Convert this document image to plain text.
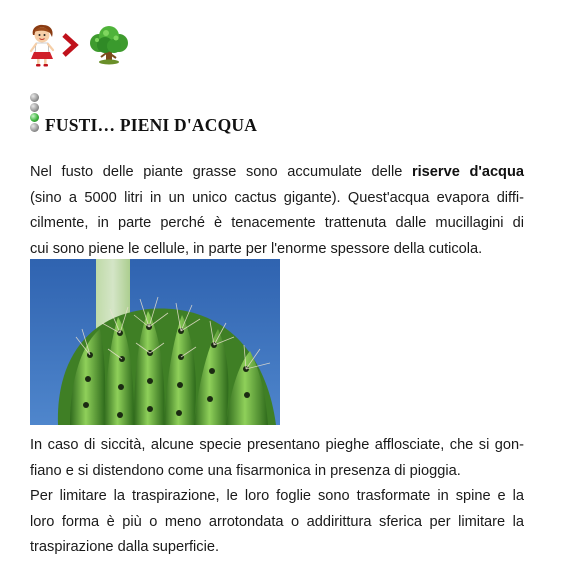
FUSTI… PIENI D'ACQUA
Nel fusto delle piante grasse sono accumulate delle riserve d'acqua
(sino a 5000 litri in un unico cactus gigante). Quest'acqua evapora diffi-
cilmente, in parte perché è tenacemente trattenuta dalle mucillagini di
cui sono piene le cellule, in parte per l'enorme spessore della cuticola.
In caso di siccità, alcune specie presentano pieghe afflosciate, che si gon-
fiano e si distendono come una fisarmonica in presenza di pioggia.
Per limitare la traspirazione, le loro foglie sono trasformate in spine e la
loro forma è più o meno arrotondata o addirittura sferica per limitare la
traspirazione dalla superficie.
